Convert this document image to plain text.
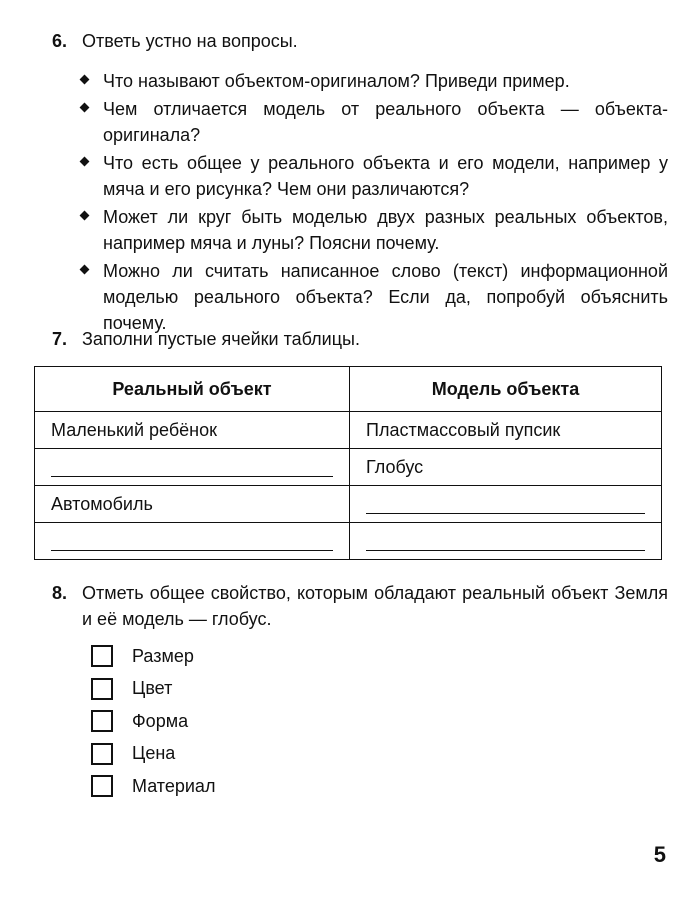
6. Ответь устно на вопросы.
Что называют объектом-оригиналом? Приведи пример.
Чем отличается модель от реального объекта — объекта-оригинала?
Что есть общее у реального объекта и его модели, например у мяча и его рисунка? Чем они различаются?
Может ли круг быть моделью двух разных реальных объектов, например мяча и луны? Поясни почему.
Можно ли считать написанное слово (текст) информационной моделью реального объекта? Если да, попробуй объяснить почему.
7. Заполни пустые ячейки таблицы.
Реальный объект	Модель объекта
Маленький ребёнок	Пластмассовый пупсик

	Глобус
Автомобиль	

8. Отметь общее свойство, которым обладают реальный объект Земля и её модель — глобус.
Размер
Цвет
Форма
Цена
Материал
5
